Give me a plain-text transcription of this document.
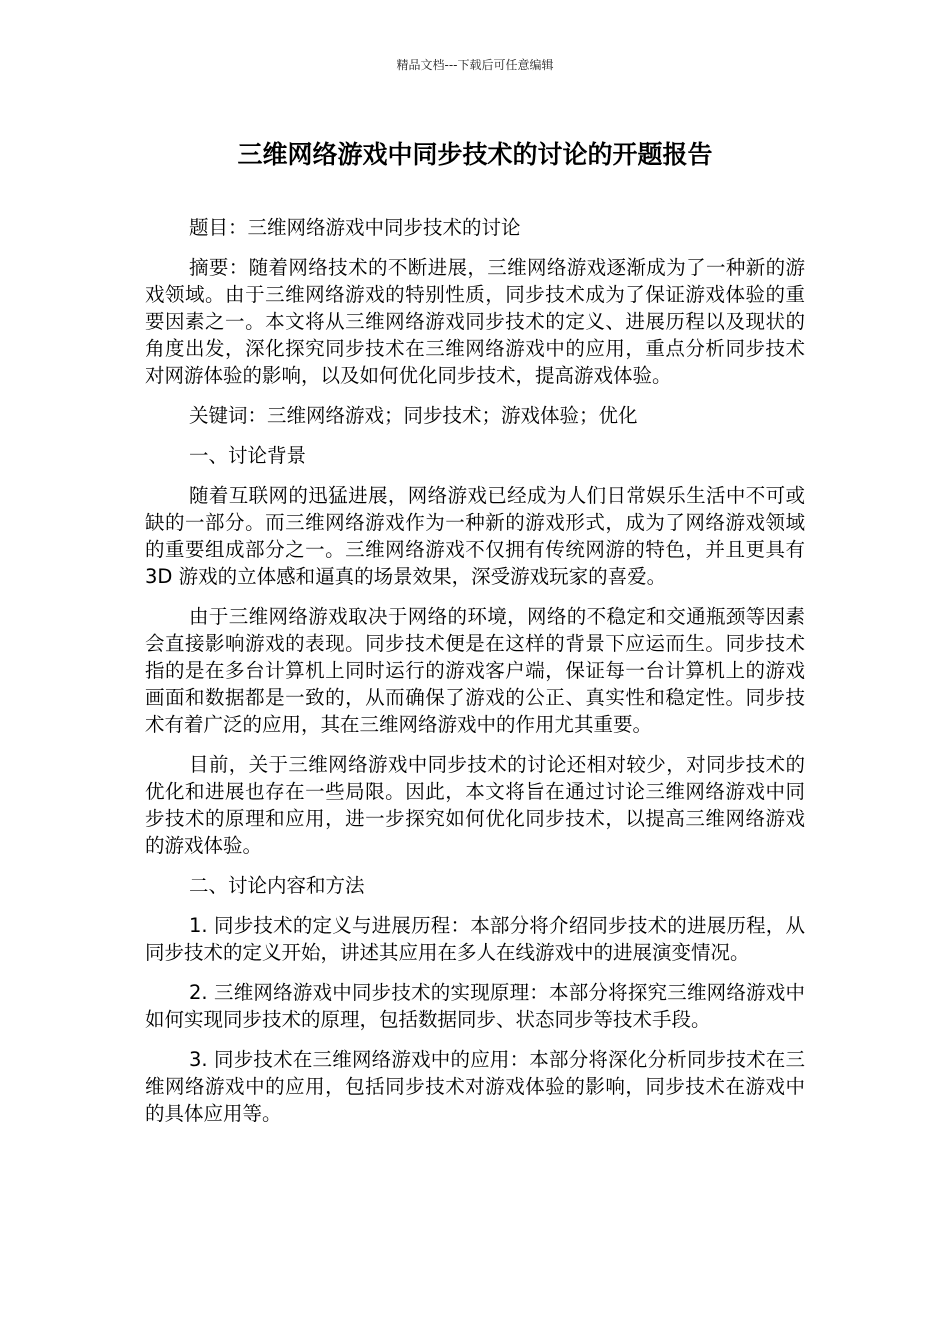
精品文档---下载后可任意编辑
三维网络游戏中同步技术的讨论的开题报告

题目：三维网络游戏中同步技术的讨论

摘要：随着网络技术的不断进展，三维网络游戏逐渐成为了一种新的游戏领域。由于三维网络游戏的特别性质，同步技术成为了保证游戏体验的重要因素之一。本文将从三维网络游戏同步技术的定义、进展历程以及现状的角度出发，深化探究同步技术在三维网络游戏中的应用，重点分析同步技术对网游体验的影响，以及如何优化同步技术，提高游戏体验。

关键词：三维网络游戏；同步技术；游戏体验；优化

一、讨论背景

随着互联网的迅猛进展，网络游戏已经成为人们日常娱乐生活中不可或缺的一部分。而三维网络游戏作为一种新的游戏形式，成为了网络游戏领域的重要组成部分之一。三维网络游戏不仅拥有传统网游的特色，并且更具有 3D 游戏的立体感和逼真的场景效果，深受游戏玩家的喜爱。

由于三维网络游戏取决于网络的环境，网络的不稳定和交通瓶颈等因素会直接影响游戏的表现。同步技术便是在这样的背景下应运而生。同步技术指的是在多台计算机上同时运行的游戏客户端，保证每一台计算机上的游戏画面和数据都是一致的，从而确保了游戏的公正、真实性和稳定性。同步技术有着广泛的应用，其在三维网络游戏中的作用尤其重要。

目前，关于三维网络游戏中同步技术的讨论还相对较少，对同步技术的优化和进展也存在一些局限。因此，本文将旨在通过讨论三维网络游戏中同步技术的原理和应用，进一步探究如何优化同步技术，以提高三维网络游戏的游戏体验。

二、讨论内容和方法

1. 同步技术的定义与进展历程：本部分将介绍同步技术的进展历程，从同步技术的定义开始，讲述其应用在多人在线游戏中的进展演变情况。

2. 三维网络游戏中同步技术的实现原理：本部分将探究三维网络游戏中如何实现同步技术的原理，包括数据同步、状态同步等技术手段。

3. 同步技术在三维网络游戏中的应用：本部分将深化分析同步技术在三维网络游戏中的应用，包括同步技术对游戏体验的影响，同步技术在游戏中的具体应用等。
